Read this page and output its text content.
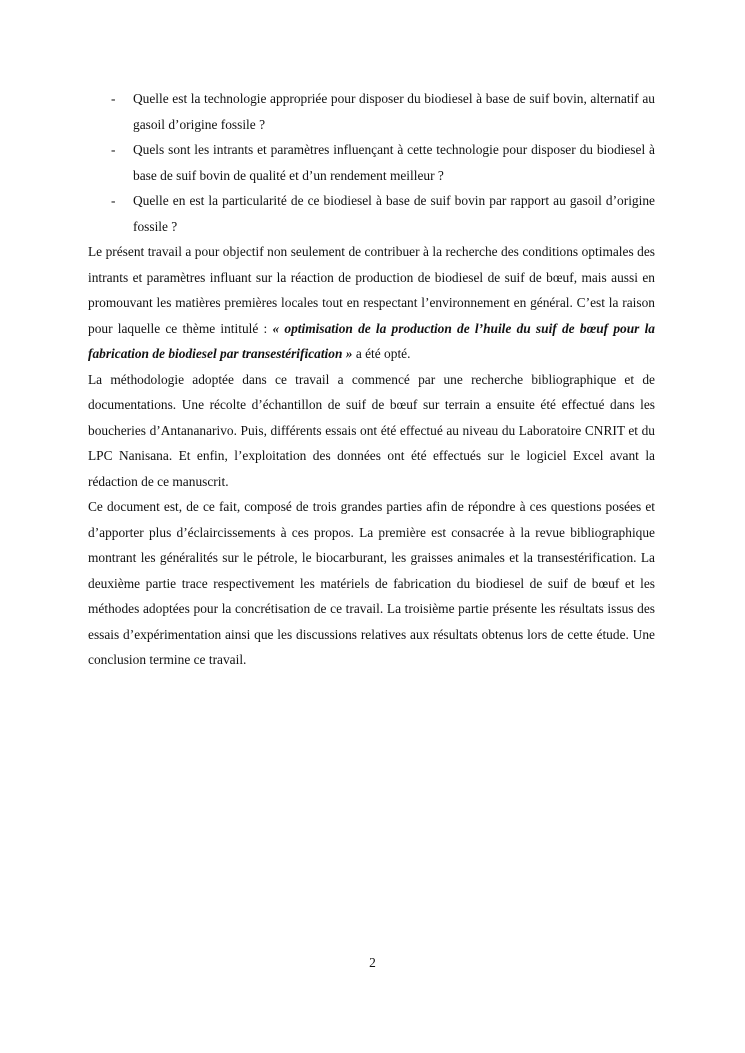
- Quelle est la technologie appropriée pour disposer du biodiesel à base de suif bovin, alternatif au gasoil d’origine fossile ?
- Quels sont les intrants et paramètres influençant à cette technologie pour disposer du biodiesel à base de suif bovin de qualité et d’un rendement meilleur ?
- Quelle en est la particularité de ce biodiesel à base de suif bovin par rapport au gasoil d’origine fossile ?

Le présent travail a pour objectif non seulement de contribuer à la recherche des conditions optimales des intrants et paramètres influant sur la réaction de production de biodiesel de suif de bœuf, mais aussi en promouvant les matières premières locales tout en respectant l’environnement en général. C’est la raison pour laquelle ce thème intitulé : « optimisation de la production de l’huile du suif de bœuf pour la fabrication de biodiesel par transestérification » a été opté.

La méthodologie adoptée dans ce travail a commencé par une recherche bibliographique et de documentations. Une récolte d’échantillon de suif de bœuf sur terrain a ensuite été effectué dans les boucheries d’Antananarivo. Puis, différents essais ont été effectué au niveau du Laboratoire CNRIT et du LPC Nanisana. Et enfin, l’exploitation des données ont été effectués sur le logiciel Excel avant la rédaction de ce manuscrit.

Ce document est, de ce fait, composé de trois grandes parties afin de répondre à ces questions posées et d’apporter plus d’éclaircissements à ces propos. La première est consacrée à la revue bibliographique montrant les généralités sur le pétrole, le biocarburant, les graisses animales et la transestérification. La deuxième partie trace respectivement les matériels de fabrication du biodiesel de suif de bœuf et les méthodes adoptées pour la concrétisation de ce travail. La troisième partie présente les résultats issus des essais d’expérimentation ainsi que les discussions relatives aux résultats obtenus lors de cette étude. Une conclusion termine ce travail.

2
